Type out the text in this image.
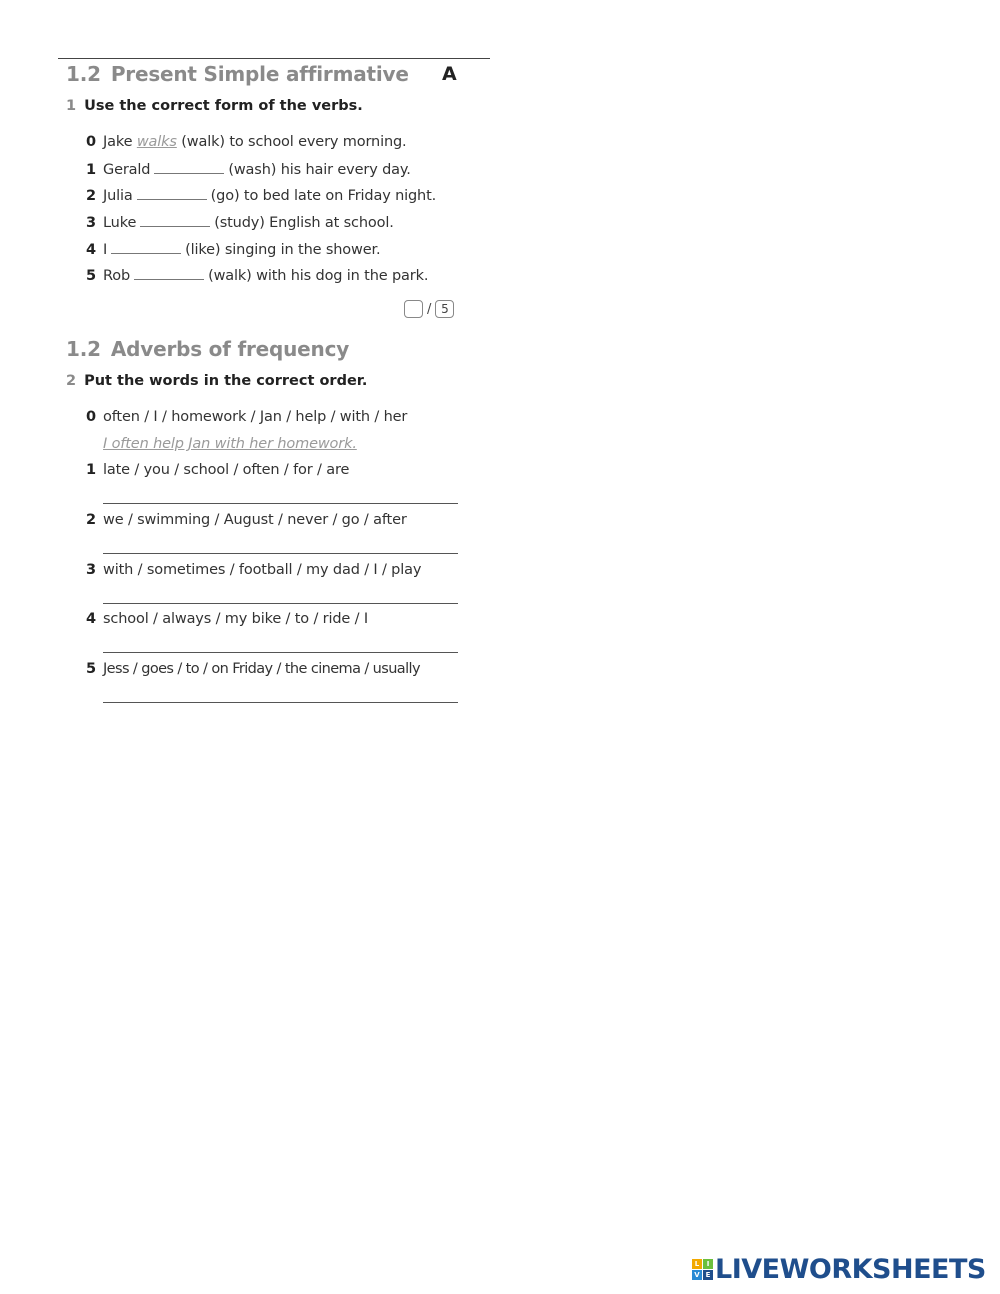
1.2 Present Simple affirmative A
1 Use the correct form of the verbs.
0 Jake walks (walk) to school every morning.
1 Gerald	(wash) his hair every day.
2 Julia	(go) to bed late on Friday night.
3 Luke	(study) English at school.
4 I	(like) singing in the shower.
5 Rob	(walk) with his dog in the park.
/ 5
1.2 Adverbs of frequency
2 Put the words in the correct order.
0 often / I / homework / Jan / help / with / her
I often help Jan with her homework.
1 late / you / school / often / for / are
2 we / swimming / August / never / go / after
3 with / sometimes / football / my dad / I / play
4 school / always / my bike / to / ride / I
5 Jess / goes / to / on Friday / the cinema / usually
L	I
V E LIVEWORKSHEETS
